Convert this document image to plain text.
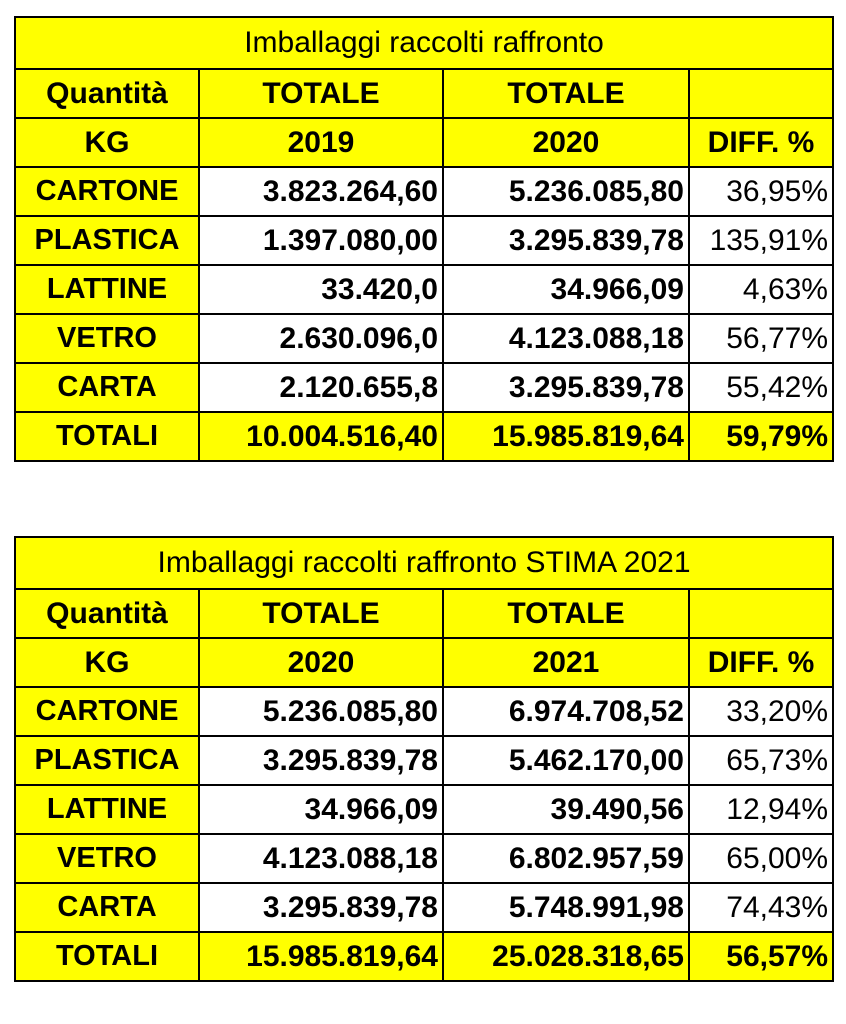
Imballaggi raccolti raffronto			
Quantità	TOTALE	TOTALE	
KG	2019	2020	DIFF. %
CARTONE	3.823.264,60	5.236.085,80	36,95%
PLASTICA	1.397.080,00	3.295.839,78	135,91%
LATTINE	33.420,0	34.966,09	4,63%
VETRO	2.630.096,0	4.123.088,18	56,77%
CARTA	2.120.655,8	3.295.839,78	55,42%
TOTALI	10.004.516,40	15.985.819,64	59,79%
Imballaggi raccolti raffronto STIMA 2021			
Quantità	TOTALE	TOTALE	
KG	2020	2021	DIFF. %
CARTONE	5.236.085,80	6.974.708,52	33,20%
PLASTICA	3.295.839,78	5.462.170,00	65,73%
LATTINE	34.966,09	39.490,56	12,94%
VETRO	4.123.088,18	6.802.957,59	65,00%
CARTA	3.295.839,78	5.748.991,98	74,43%
TOTALI	15.985.819,64	25.028.318,65	56,57%
